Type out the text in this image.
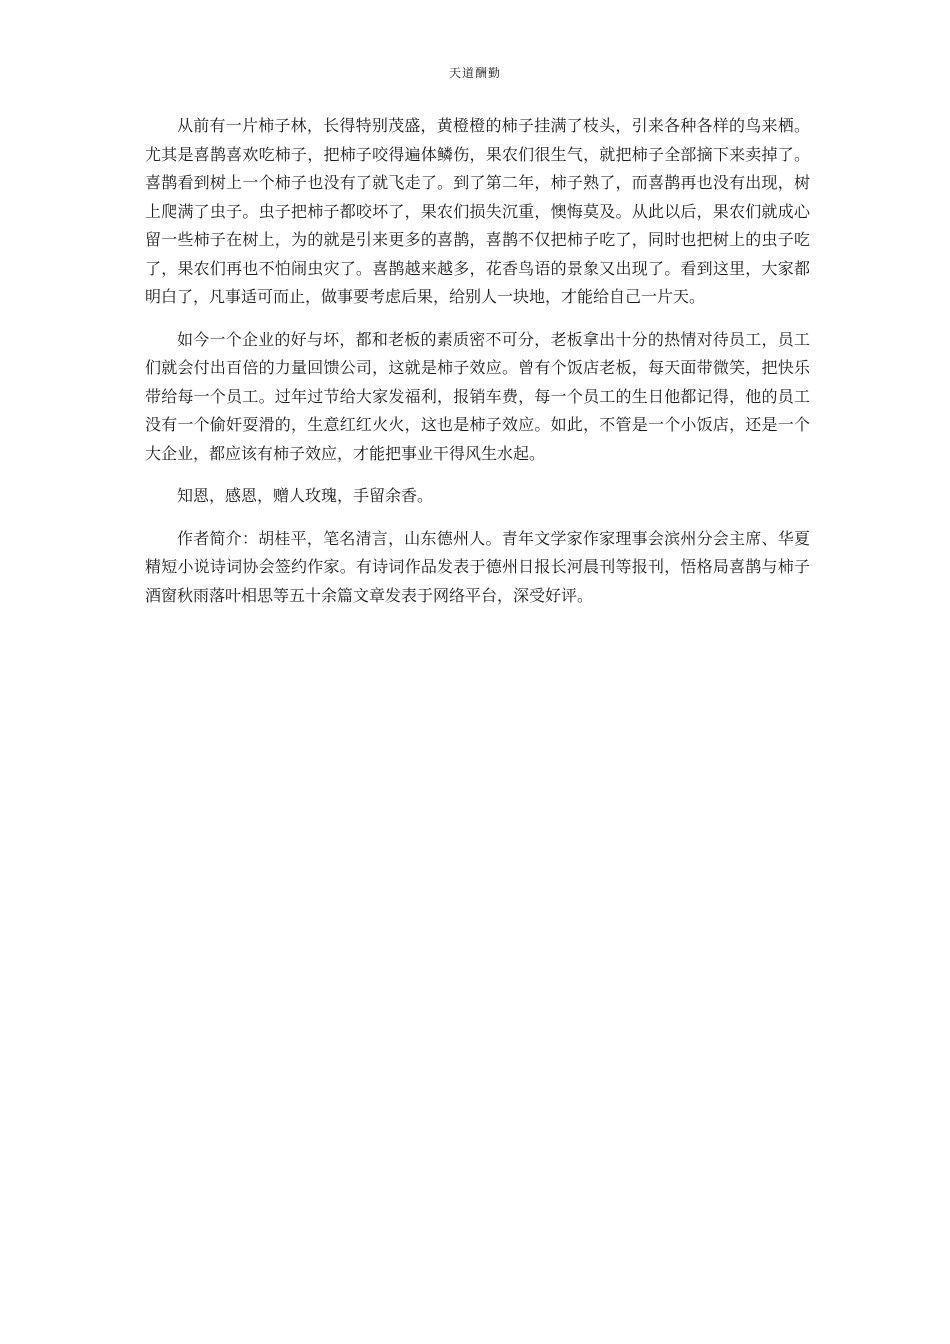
天道酬勤

从前有一片柿子林，长得特别茂盛，黄橙橙的柿子挂满了枝头，引来各种各样的鸟来栖。尤其是喜鹊喜欢吃柿子，把柿子咬得遍体鳞伤，果农们很生气，就把柿子全部摘下来卖掉了。喜鹊看到树上一个柿子也没有了就飞走了。到了第二年，柿子熟了，而喜鹊再也没有出现，树上爬满了虫子。虫子把柿子都咬坏了，果农们损失沉重，懊悔莫及。从此以后，果农们就成心留一些柿子在树上，为的就是引来更多的喜鹊，喜鹊不仅把柿子吃了，同时也把树上的虫子吃了，果农们再也不怕闹虫灾了。喜鹊越来越多，花香鸟语的景象又出现了。看到这里，大家都明白了，凡事适可而止，做事要考虑后果，给别人一块地，才能给自己一片天。

如今一个企业的好与坏，都和老板的素质密不可分，老板拿出十分的热情对待员工，员工们就会付出百倍的力量回馈公司，这就是柿子效应。曾有个饭店老板，每天面带微笑，把快乐带给每一个员工。过年过节给大家发福利，报销车费，每一个员工的生日他都记得，他的员工没有一个偷奸耍滑的，生意红红火火，这也是柿子效应。如此，不管是一个小饭店，还是一个大企业，都应该有柿子效应，才能把事业干得风生水起。

知恩，感恩，赠人玫瑰，手留余香。

作者简介：胡桂平，笔名清言，山东德州人。青年文学家作家理事会滨州分会主席、华夏精短小说诗词协会签约作家。有诗词作品发表于德州日报长河晨刊等报刊，悟格局喜鹊与柿子酒窗秋雨落叶相思等五十余篇文章发表于网络平台，深受好评。
